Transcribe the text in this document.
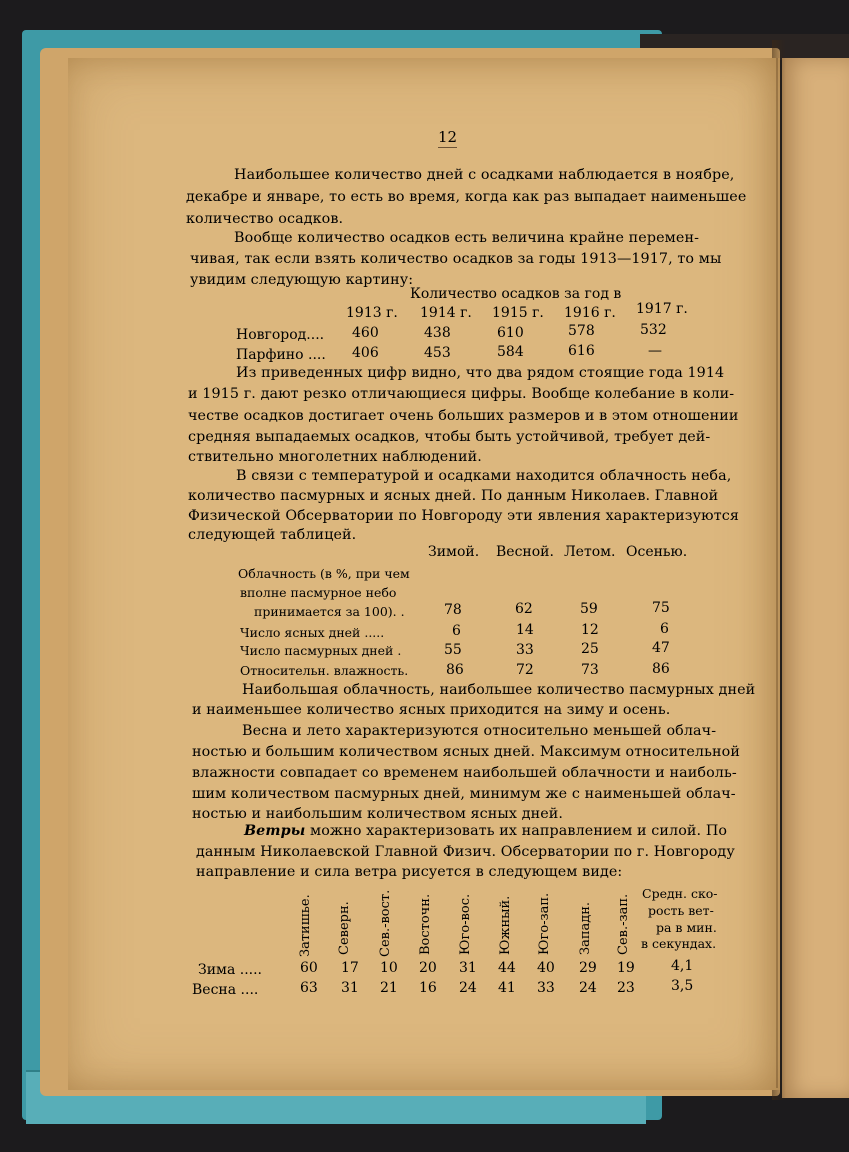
12
Наибольшее количество дней с осадками наблюдается в ноябре,
декабре и январе, то есть во время, когда как раз выпадает наименьшее
количество осадков.
Вообще количество осадков есть величина крайне перемен-
чивая, так если взять количество осадков за годы 1913—1917, то мы
увидим следующую картину:
Количество осадков за год в
1913 г. 1914 г. 1915 г. 1916 г. 1917 г.
Новгород.... 460	438	610	578	532
Парфино .... 406	453	584	616	—
Из приведенных цифр видно, что два рядом стоящие года 1914
и 1915 г. дают резко отличающиеся цифры. Вообще колебание в коли-
честве осадков достигает очень больших размеров и в этом отношении
средняя выпадаемых осадков, чтобы быть устойчивой, требует дей-
ствительно многолетних наблюдений.
В связи с температурой и осадками находится облачность неба,
количество пасмурных и ясных дней. По данным Николаев. Главной
Физической Обсерватории по Новгороду эти явления характеризуются
следующей таблицей.
Зимой. Весной. Летом. Осенью.
Облачность (в %, при чем
вполне пасмурное небо
принимается за 100). .	78	62	59	75
Число ясных дней .....	6	14	12	6
Число пасмурных дней .	55	33	25	47
Относительн. влажность.	86	72	73	86
Наибольшая облачность, наибольшее количество пасмурных дней
и наименьшее количество ясных приходится на зиму и осень.
Весна и лето характеризуются относительно меньшей облач-
ностью и большим количеством ясных дней. Максимум относительной
влажности совпадает со временем наибольшей облачности и наиболь-
шим количеством пасмурных дней, минимум же с наименьшей облач-
ностью и наибольшим количеством ясных дней.
Ветры можно характеризовать их направлением и силой. По
данным Николаевской Главной Физич. Обсерватории по г. Новгороду
направление и сила ветра рисуется в следующем виде:
Затишье. Северн. Сев.-вост. Восточн. Юго-вос. Южный. Юго-зап. Западн. Сев.-зап.
Средн. ско-
рость вет-
ра в мин.
в секундах.
Зима .....	60 17 10 20 31 44 40 29 19	4,1
Весна ....	63 31 21 16 24 41 33 24 23	3,5
